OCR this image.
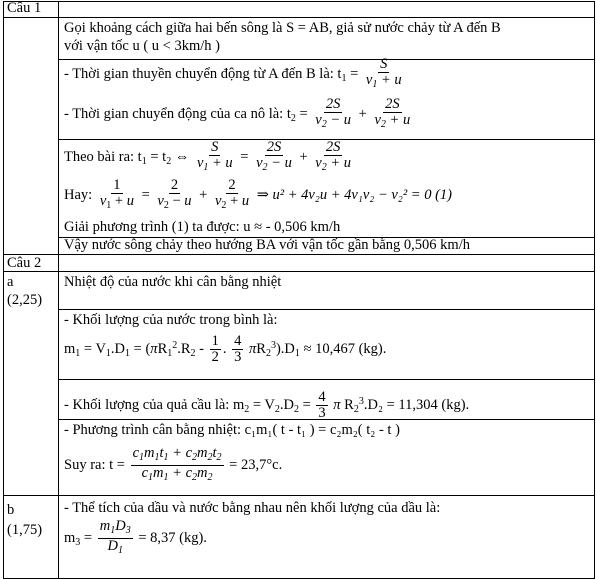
Câu 1
Gọi khoảng cách giữa hai bến sông là S = AB, giả sử nước chảy từ A đến B
với vận tốc u ( u < 3km/h )
- Thời gian thuyền chuyển động từ A đến B là: $t_1 = \frac{S}{v_1 + u}$
- Thời gian chuyển động của ca nô là: $t_2 = \frac{2S}{v_2 - u} + \frac{2S}{v_2 + u}$
Theo bài ra: $t_1 = t_2$ ⇔ $\frac{S}{v_1 + u} = \frac{2S}{v_2 - u} + \frac{2S}{v_2 + u}$
Hay: $\frac{1}{v_1 + u} = \frac{2}{v_2 - u} + \frac{2}{v_2 + u}$ ⇒ u² + 4v₂u + 4v₁v₂ − v₂² = 0 (1)
Giải phương trình (1) ta được: u ≈ - 0,506 km/h
Vậy nước sông chảy theo hướng BA với vận tốc gần bằng 0,506 km/h
Câu 2
a
(2,25)
Nhiệt độ của nước khi cân bằng nhiệt
- Khối lượng của nước trong bình là:
$m_1 = V_1.D_1 = (\pi R_1^2.R_2 - \frac{1}{2}$ . $\frac{4}{3} \pi R_2^3).D_1 \approx 10,467$ (kg).
- Khối lượng của quả cầu là: $m_2 = V_2.D_2 = \frac{4}{3}$ π $R_2^3.D_2 = 11,304$ (kg).
- Phương trình cân bằng nhiệt: c₁m₁( t - t₁ ) = c₂m₂( t₂ - t )
Suy ra: $t = \frac{c_1m_1t_1 + c_2m_2t_2}{c_1m_1 + c_2m_2} = 23,7^\circ c$.
b
(1,75)
- Thể tích của dầu và nước bằng nhau nên khối lượng của dầu là:
$m_3 = \frac{m_1D_3}{D_1} = 8,37$ (kg).
